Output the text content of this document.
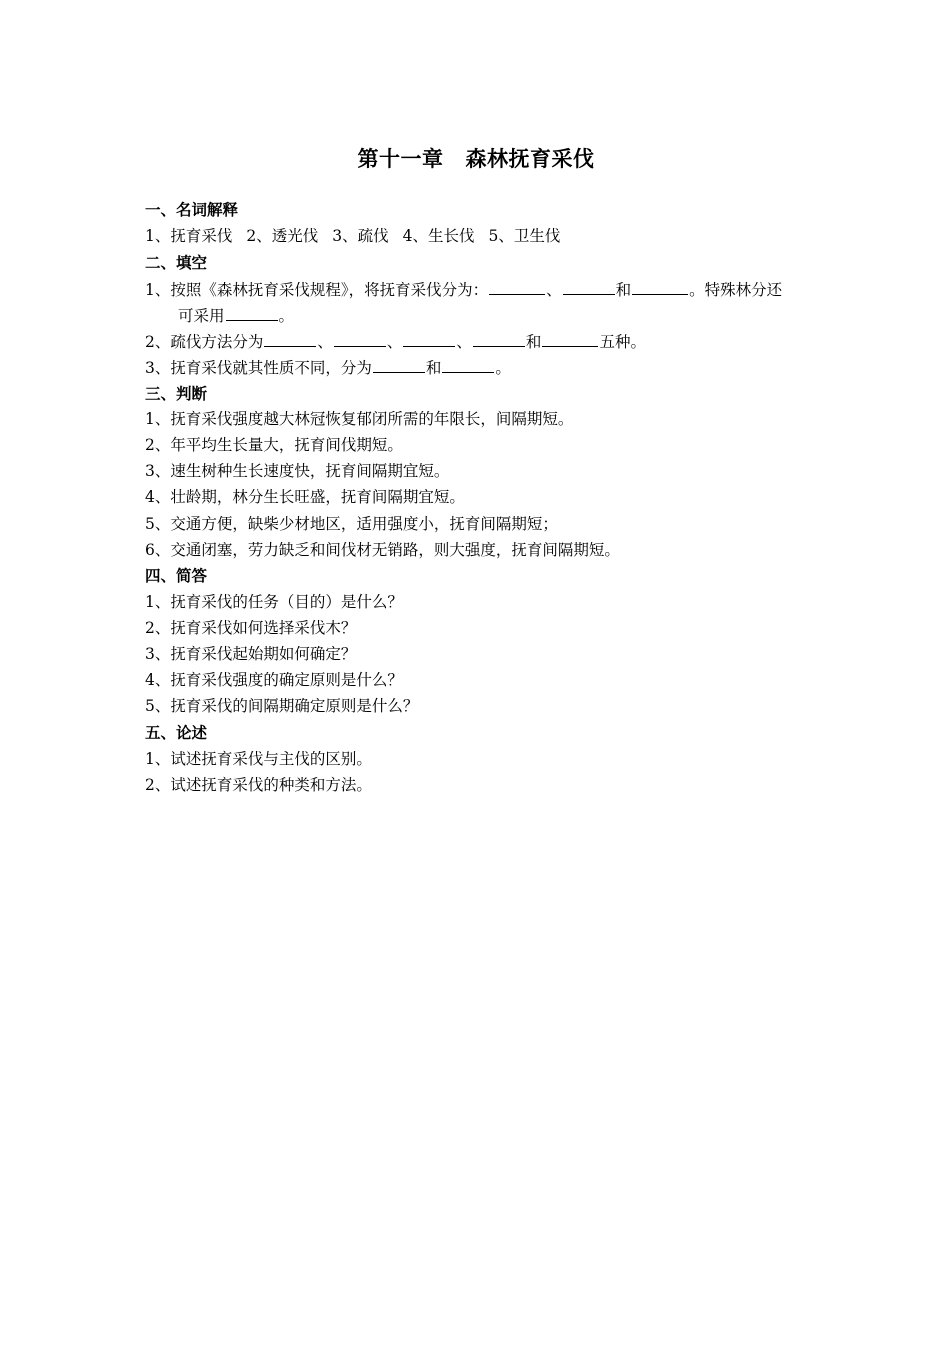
第十一章 森林抚育采伐
一、名词解释
1、抚育采伐 2、透光伐 3、疏伐 4、生长伐 5、卫生伐
二、填空
1、按照《森林抚育采伐规程》，将抚育采伐分为：	、	和	。特殊林分还
可采用	。
2、疏伐方法分为	、	、	、	和	五种。
3、抚育采伐就其性质不同，分为	和	。
三、判断
1、抚育采伐强度越大林冠恢复郁闭所需的年限长，间隔期短。
2、年平均生长量大，抚育间伐期短。
3、速生树种生长速度快，抚育间隔期宜短。
4、壮龄期，林分生长旺盛，抚育间隔期宜短。
5、交通方便，缺柴少材地区，适用强度小，抚育间隔期短；
6、交通闭塞，劳力缺乏和间伐材无销路，则大强度，抚育间隔期短。
四、简答
1、抚育采伐的任务（目的）是什么？
2、抚育采伐如何选择采伐木？
3、抚育采伐起始期如何确定？
4、抚育采伐强度的确定原则是什么？
5、抚育采伐的间隔期确定原则是什么？
五、论述
1、试述抚育采伐与主伐的区别。
2、试述抚育采伐的种类和方法。
